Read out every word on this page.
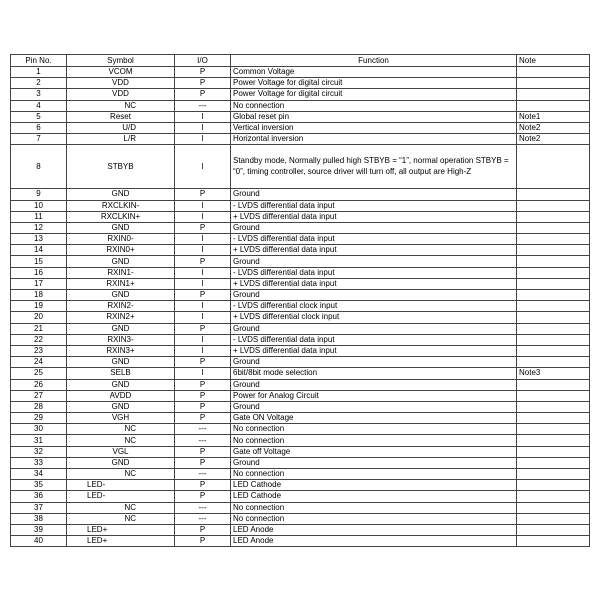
Pin No.	Symbol	I/O	Function	Note
1	VCOM	P	Common Voltage	
2	VDD	P	Power Voltage for digital circuit	
3	VDD	P	Power Voltage for digital circuit	
4	NC	---	No connection	
5	Reset	I	Global reset pin	Note1
6	U/D	I	Vertical inversion	Note2
7	L/R	I	Horizontal inversion	Note2
8	STBYB	I	Standby mode, Normally pulled high STBYB = “1”, normal operation STBYB = “0”, timing controller, source driver will turn off, all output are High-Z	
9	GND	P	Ground	
10	RXCLKIN-	I	- LVDS differential data input	
11	RXCLKIN+	I	+ LVDS differential data input	
12	GND	P	Ground	
13	RXIN0-	I	- LVDS differential data input	
14	RXIN0+	I	+ LVDS differential data input	
15	GND	P	Ground	
16	RXIN1-	I	- LVDS differential data input	
17	RXIN1+	I	+ LVDS differential data input	
18	GND	P	Ground	
19	RXIN2-	I	- LVDS differential clock input	
20	RXIN2+	I	+ LVDS differential clock input	
21	GND	P	Ground	
22	RXIN3-	I	- LVDS differential data input	
23	RXIN3+	I	+ LVDS differential data input	
24	GND	P	Ground	
25	SELB	I	6bit/8bit mode selection	Note3
26	GND	P	Ground	
27	AVDD	P	Power for Analog Circuit	
28	GND	P	Ground	
29	VGH	P	Gate ON Voltage	
30	NC	---	No connection	
31	NC	---	No connection	
32	VGL	P	Gate off Voltage	
33	GND	P	Ground	
34	NC	---	No connection	
35	LED-	P	LED Cathode	
36	LED-	P	LED Cathode	
37	NC	---	No connection	
38	NC	---	No connection	
39	LED+	P	LED Anode	
40	LED+	P	LED Anode	
